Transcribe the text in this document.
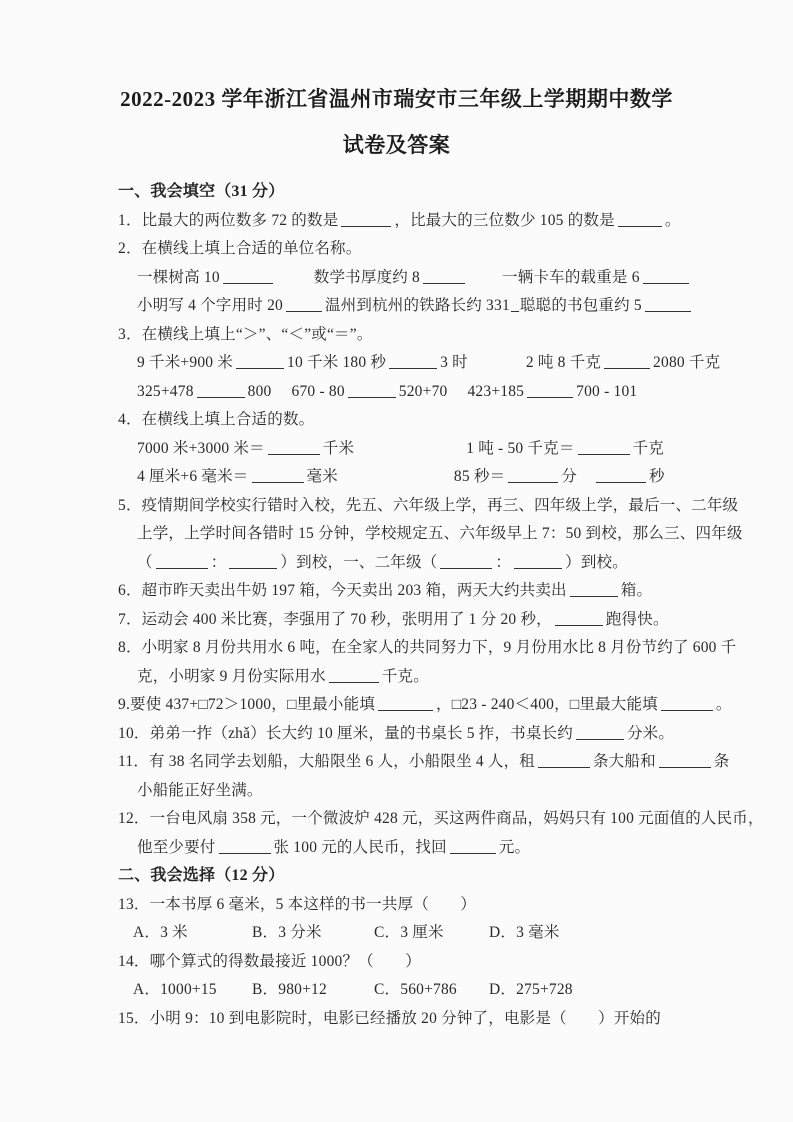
2022-2023 学年浙江省温州市瑞安市三年级上学期期中数学
试卷及答案
一、我会填空（31 分）
1．比最大的两位数多 72 的数是	，比最大的三位数少 105 的数是	。
2．在横线上填上合适的单位名称。
一棵树高 10	数学书厚度约 8	一辆卡车的载重是 6
小明写 4 个字用时 20	温州到杭州的铁路长约 331 聪聪的书包重约 5
3．在横线上填上“＞”、“＜”或“＝”。
9 千米+900 米	10 千米 180 秒	3 时	2 吨 8 千克	2080 千克
325+478	800 670 - 80	520+70 423+185	700 - 101
4．在横线上填上合适的数。
7000 米+3000 米＝	千米	1 吨 - 50 千克＝	千克
4 厘米+6 毫米＝	毫米	85 秒＝	分	秒
5．疫情期间学校实行错时入校，先五、六年级上学，再三、四年级上学，最后一、二年级
上学，上学时间各错时 15 分钟，学校规定五、六年级早上 7：50 到校，那么三、四年级
（	：	）到校，一、二年级（	：	）到校。
6．超市昨天卖出牛奶 197 箱，今天卖出 203 箱，两天大约共卖出	箱。
7．运动会 400 米比赛，李强用了 70 秒，张明用了 1 分 20 秒，	跑得快。
8．小明家 8 月份共用水 6 吨，在全家人的共同努力下，9 月份用水比 8 月份节约了 600 千
克，小明家 9 月份实际用水	千克。
9.要使 437+□72＞1000，□里最小能填	，□23 - 240＜400，□里最大能填	。
10．弟弟一拃（zhǎ）长大约 10 厘米，量的书桌长 5 拃，书桌长约	分米。
11．有 38 名同学去划船，大船限坐 6 人，小船限坐 4 人，租	条大船和	条
小船能正好坐满。
12．一台电风扇 358 元，一个微波炉 428 元，买这两件商品，妈妈只有 100 元面值的人民币，
他至少要付	张 100 元的人民币，找回	元。
二、我会选择（12 分）
13．一本书厚 6 毫米，5 本这样的书一共厚（　　）
A．3 米	B．3 分米	C．3 厘米	D．3 毫米
14．哪个算式的得数最接近 1000？（　　）
A．1000+15 B．980+12	C．560+786 D．275+728
15．小明 9：10 到电影院时，电影已经播放 20 分钟了，电影是（　　）开始的
